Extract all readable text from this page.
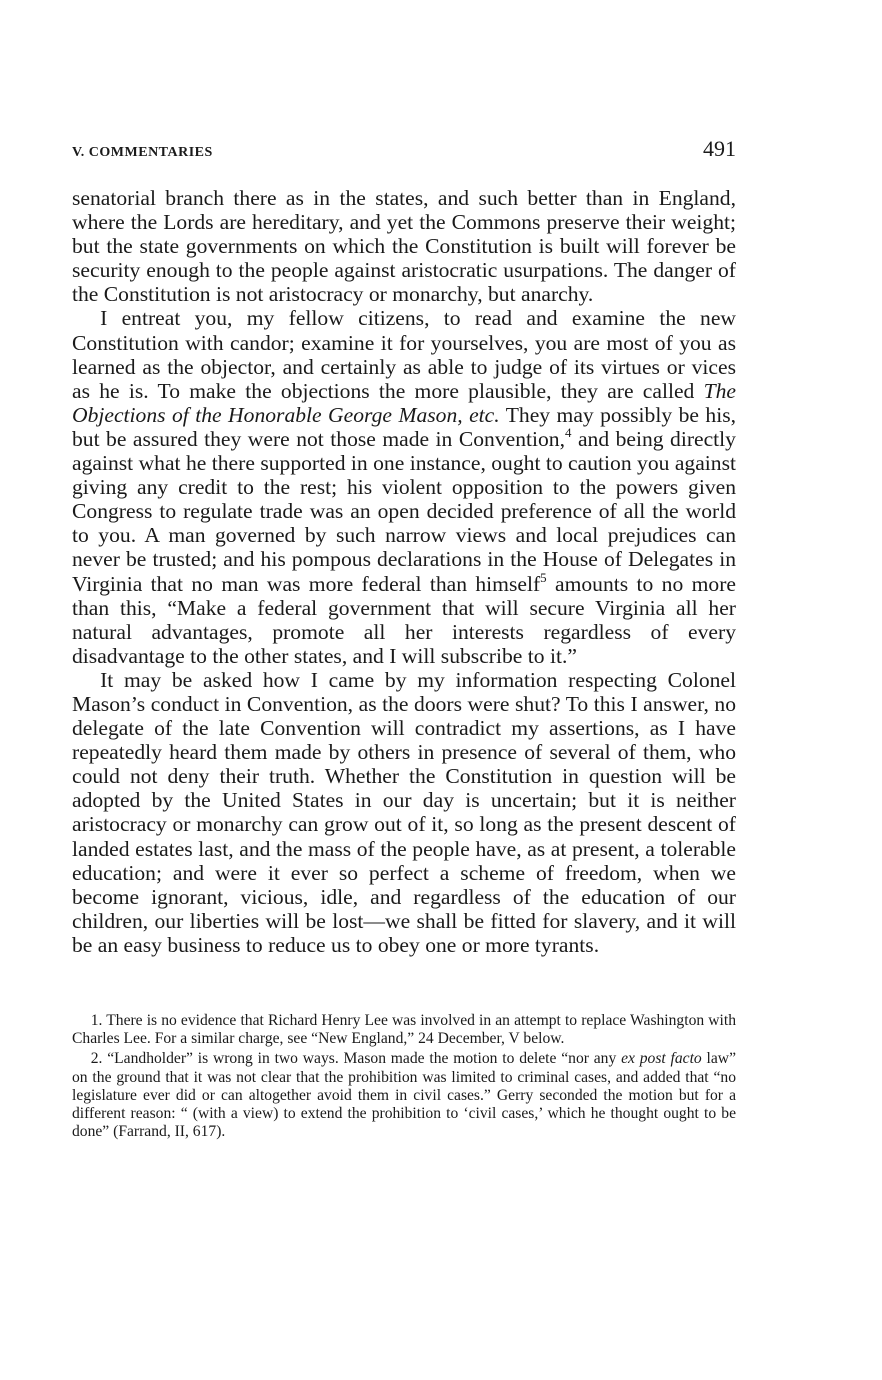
V. COMMENTARIES	491

senatorial branch there as in the states, and such better than in England, where the Lords are hereditary, and yet the Commons preserve their weight; but the state governments on which the Constitution is built will forever be security enough to the people against aristocratic usurpations. The danger of the Constitution is not aristocracy or monarchy, but anarchy.

I entreat you, my fellow citizens, to read and examine the new Constitution with candor; examine it for yourselves, you are most of you as learned as the objector, and certainly as able to judge of its virtues or vices as he is. To make the objections the more plausible, they are called The Objections of the Honorable George Mason, etc. They may possibly be his, but be assured they were not those made in Convention,$^4$ and being directly against what he there supported in one instance, ought to caution you against giving any credit to the rest; his violent opposition to the powers given Congress to regulate trade was an open decided preference of all the world to you. A man governed by such narrow views and local prejudices can never be trusted; and his pompous declarations in the House of Delegates in Virginia that no man was more federal than himself$^5$ amounts to no more than this, “Make a federal government that will secure Virginia all her natural advantages, promote all her interests regardless of every disadvantage to the other states, and I will subscribe to it.”

It may be asked how I came by my information respecting Colonel Mason’s conduct in Convention, as the doors were shut? To this I answer, no delegate of the late Convention will contradict my assertions, as I have repeatedly heard them made by others in presence of several of them, who could not deny their truth. Whether the Constitution in question will be adopted by the United States in our day is uncertain; but it is neither aristocracy or monarchy can grow out of it, so long as the present descent of landed estates last, and the mass of the people have, as at present, a tolerable education; and were it ever so perfect a scheme of freedom, when we become ignorant, vicious, idle, and regardless of the education of our children, our liberties will be lost—we shall be fitted for slavery, and it will be an easy business to reduce us to obey one or more tyrants.

1. There is no evidence that Richard Henry Lee was involved in an attempt to replace Washington with Charles Lee. For a similar charge, see “New England,” 24 December, V below.

2. “Landholder” is wrong in two ways. Mason made the motion to delete “nor any ex post facto law” on the ground that it was not clear that the prohibition was limited to criminal cases, and added that “no legislature ever did or can altogether avoid them in civil cases.” Gerry seconded the motion but for a different reason: “ (with a view) to extend the prohibition to ‘civil cases,’ which he thought ought to be done” (Farrand, II, 617).
